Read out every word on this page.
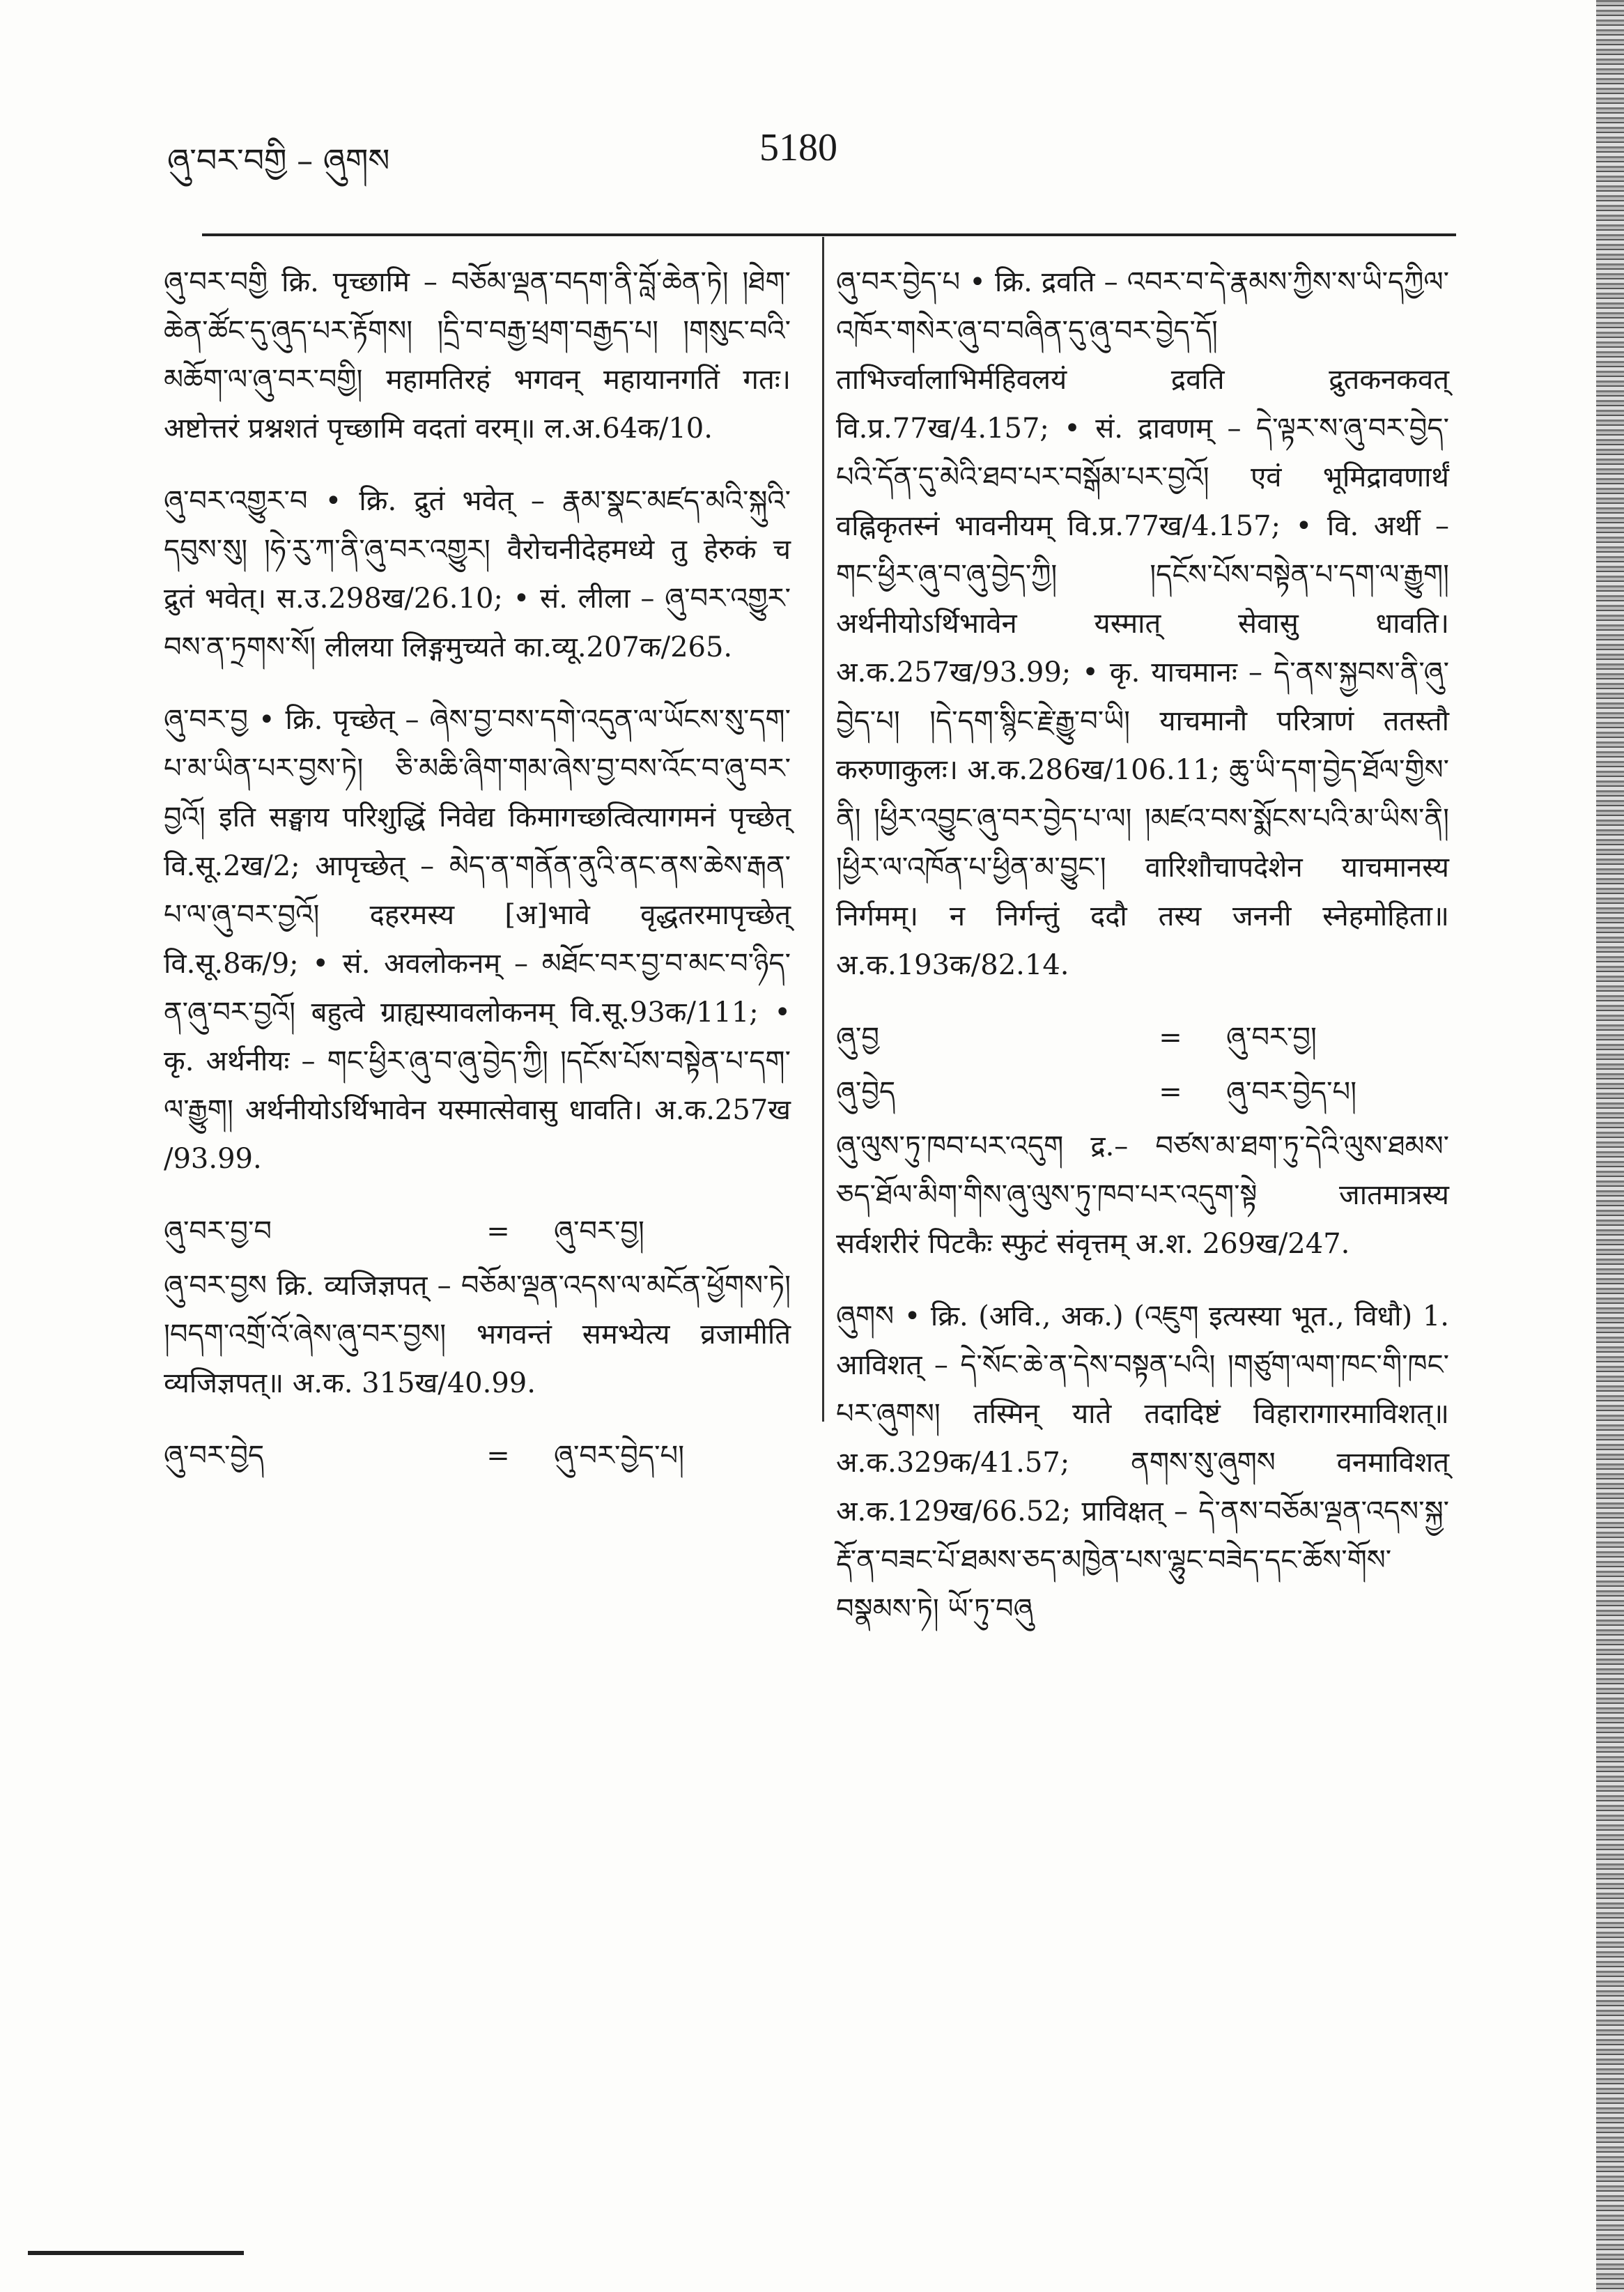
ཞུ་བར་བགྱི – ཞུགས	5180

ཞུ་བར་བགྱི क्रि. पृच्छामि – བཅོམ་ལྡན་བདག་ནི་བློ་ཆེན་ཏེ། །ཐེག་ཆེན་ཚོང་དུ་ཞུད་པར་རྟོགས། །དྲི་བ་བརྒྱ་ཕྲག་བརྒྱད་པ། །གསུང་བའི་མཆོག་ལ་ཞུ་བར་བགྱི། महामतिरहं भगवन् महायानगतिं गतः। अष्टोत्तरं प्रश्नशतं पृच्छामि वदतां वरम्॥ ल.अ.64क/10.

ཞུ་བར་འགྱུར་བ • क्रि. द्रुतं भवेत् – རྣམ་སྣང་མཛད་མའི་སྐུའི་དབུས་སུ། །ཧེ་རུ་ཀ་ནི་ཞུ་བར་འགྱུར། वैरोचनीदेहमध्ये तु हेरुकं च द्रुतं भवेत्। स.उ.298ख/26.10; • सं. लीला – ཞུ་བར་འགྱུར་བས་ན་ཏྲགས་སོ། लीलया लिङ्गमुच्यते का.व्यू.207क/265.

ཞུ་བར་བྱ • क्रि. पृच्छेत् – ཞེས་བྱ་བས་དགེ་འདུན་ལ་ཡོངས་སུ་དག་པ་མ་ཡིན་པར་བྱས་ཏེ། ཅི་མཆི་ཞིག་གམ་ཞེས་བྱ་བས་འོང་བ་ཞུ་བར་བྱའོ། इति सङ्घाय परिशुद्धिं निवेद्य किमागच्छत्वित्यागमनं पृच्छेत् वि.सू.2ख/2; आपृच्छेत् – མེད་ན་གནོན་ནུའི་ནང་ནས་ཆེས་རྒན་པ་ལ་ཞུ་བར་བྱའོ། दहरमस्य [अ]भावे वृद्धतरमापृच्छेत् वि.सू.8क/9; • सं. अवलोकनम् – མཐོང་བར་བྱ་བ་མང་བ་ཉིད་ན་ཞུ་བར་བྱའོ། बहुत्वे ग्राह्यस्यावलोकनम् वि.सू.93क/111; • कृ. अर्थनीयः – གང་ཕྱིར་ཞུ་བ་ཞུ་བྱེད་ཀྱི། །དངོས་པོས་བསྟེན་པ་དག་ལ་རྒྱུག། अर्थनीयोऽर्थिभावेन यस्मात्सेवासु धावति। अ.क.257ख /93.99.

ཞུ་བར་བྱ་བ	=	ཞུ་བར་བྱ།

ཞུ་བར་བྱས क्रि. व्यजिज्ञपत् – བཅོམ་ལྡན་འདས་ལ་མངོན་ཕྱོགས་ཏེ། །བདག་འགྲོ་འོ་ཞེས་ཞུ་བར་བྱས། भगवन्तं समभ्येत्य व्रजामीति व्यजिज्ञपत्॥ अ.क. 315ख/40.99.

ཞུ་བར་བྱེད	=	ཞུ་བར་བྱེད་པ།

ཞུ་བར་བྱེད་པ • क्रि. द्रवति – འབར་བ་དེ་རྣམས་ཀྱིས་ས་ཡི་དཀྱིལ་འཁོར་གསེར་ཞུ་བ་བཞིན་དུ་ཞུ་བར་བྱེད་དོ། ताभिर्ज्वालाभिर्महिवलयं द्रवति द्रुतकनकवत् वि.प्र.77ख/4.157; • सं. द्रावणम् – དེ་ལྟར་ས་ཞུ་བར་བྱེད་པའི་དོན་དུ་མེའི་ཐབ་པར་བསྒོམ་པར་བྱའོ། एवं भूमिद्रावणार्थं वह्निकृतस्नं भावनीयम् वि.प्र.77ख/4.157; • वि. अर्थी – གང་ཕྱིར་ཞུ་བ་ཞུ་བྱེད་ཀྱི། །དངོས་པོས་བསྟེན་པ་དག་ལ་རྒྱུག། अर्थनीयोऽर्थिभावेन यस्मात् सेवासु धावति। अ.क.257ख/93.99; • कृ. याचमानः – དེ་ནས་སྐྱབས་ནི་ཞུ་བྱེད་པ། །དེ་དག་སྙིང་རྗེ་རྒྱུ་བ་ཡི། याचमानौ परित्राणं ततस्तौ करुणाकुलः। अ.क.286ख/106.11; ཆུ་ཡི་དག་བྱེད་ཐོལ་གྱིས་ནི། །ཕྱིར་འབྱུང་ཞུ་བར་བྱེད་པ་ལ། །མཛའ་བས་སྨོངས་པའི་མ་ཡིས་ནི། །ཕྱིར་ལ་འཁོན་པ་ཕྱིན་མ་བྱུང་། वारिशौचापदेशेन याचमानस्य निर्गमम्। न निर्गन्तुं ददौ तस्य जननी स्नेहमोहिता॥ अ.क.193क/82.14.

ཞུ་བྱ	=	ཞུ་བར་བྱ།
ཞུ་བྱེད	=	ཞུ་བར་བྱེད་པ།

ཞུ་ལུས་ཏུ་ཁབ་པར་འདུག द्र.– བཙས་མ་ཐག་ཏུ་དེའི་ལུས་ཐམས་ཅད་ཐོལ་མིག་གིས་ཞུ་ལུས་ཏུ་ཁབ་པར་འདུག་སྟེ जातमात्रस्य सर्वशरीरं पिटकैः स्फुटं संवृत्तम् अ.श. 269ख/247.

ཞུགས • क्रि. (अवि., अक.) (འཇུག इत्यस्या भूत., विधौ) 1. आविशत् – དེ་སོང་ཆེ་ན་དེས་བསྟན་པའི། །གཙུག་ལག་ཁང་གི་ཁང་པར་ཞུགས། तस्मिन् याते तदादिष्टं विहारागारमाविशत्॥ अ.क.329क/41.57; ནགས་སུ་ཞུགས वनमाविशत् अ.क.129ख/66.52; प्राविक्षत् – དེ་ནས་བཅོམ་ལྡན་འདས་སྐྱ་རྡོ་ན་བཟང་པོ་ཐམས་ཅད་མཁྱེན་པས་ལྷུང་བཟེད་དང་ཆོས་གོས་བསྣམས་ཏེ། ཡོ་ཏུ་བཞུ
